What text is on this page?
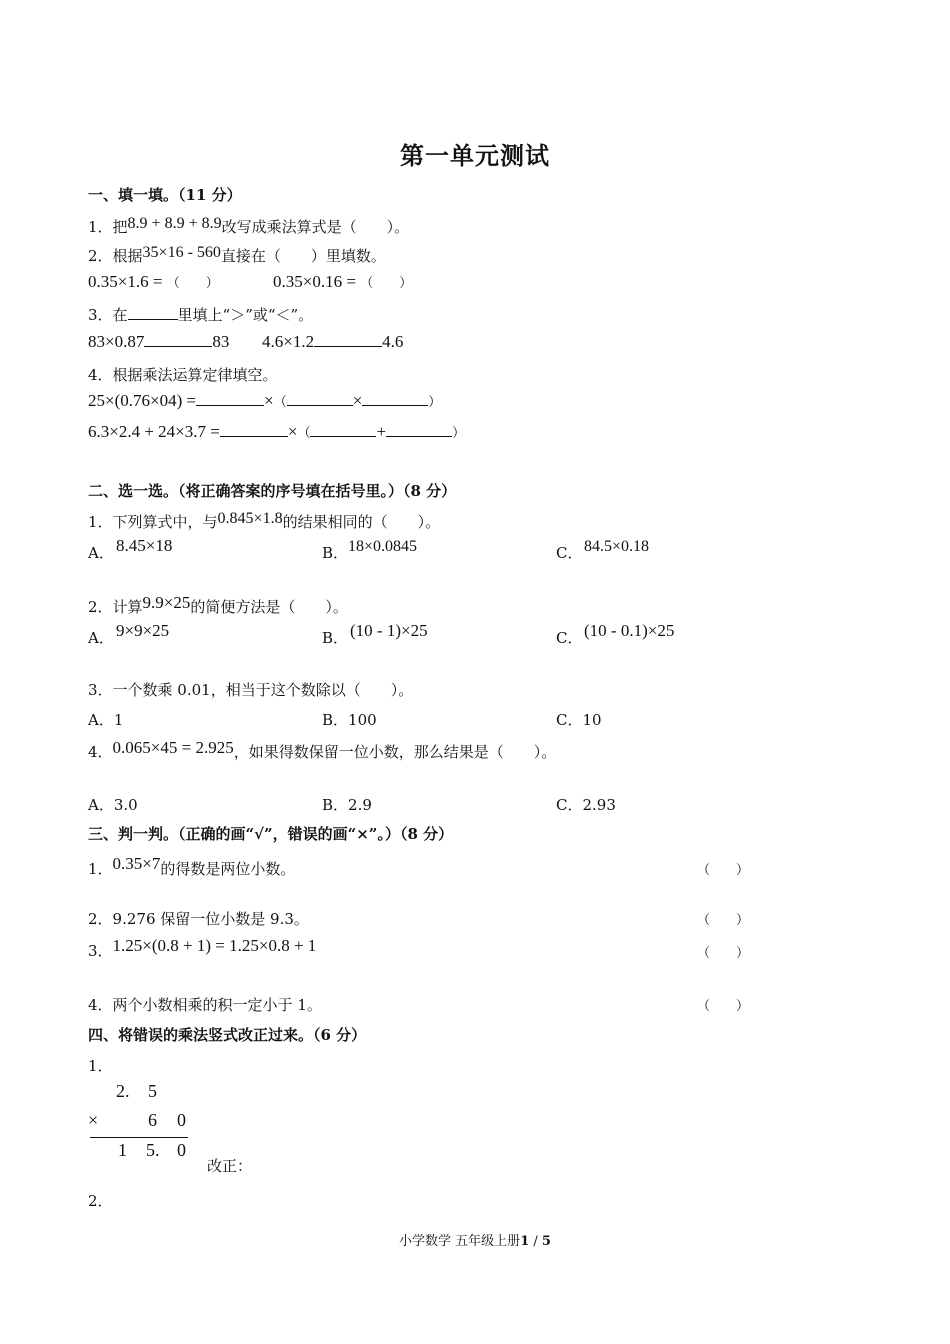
第一单元测试
一、填一填。（11 分）
1．把8.9 + 8.9 + 8.9改写成乘法算式是（　　）。
2．根据35×16 - 560直接在（　　）里填数。
0.35×1.6 = （　　）	0.35×0.16 = （　　）
3．在	里填上“＞”或“＜”。
83×0.87	83 4.6×1.2	4.6
4．根据乘法运算定律填空。
25×(0.76×04) =	×（	×	）
6.3×2.4 + 24×3.7 =	×（	+	）
二、选一选。（将正确答案的序号填在括号里。）（8 分）
1．下列算式中，与0.845×1.8的结果相同的（　　）。
A． 8.45×18	B． 18×0.0845	C． 84.5×0.18
2．计算9.9×25的简便方法是（　　）。
A． 9×9×25	B． (10 - 1)×25	C． (10 - 0.1)×25
3．一个数乘 0.01，相当于这个数除以（　　）。
A．1	B．100	C．10
4．0.065×45 = 2.925，如果得数保留一位小数，那么结果是（　　）。
A．3.0	B．2.9	C．2.93
三、判一判。（正确的画“√”，错误的画“×”。）（8 分）
1．0.35×7的得数是两位小数。	（　　）
2．9.276 保留一位小数是 9.3。	（　　）
3．1.25×(0.8 + 1) = 1.25×0.8 + 1	（　　）
4．两个小数相乘的积一定小于 1。	（　　）
四、将错误的乘法竖式改正过来。（6 分）
1．
2. 5
×	6 0
1 5. 0
改正：
2．
小学数学 五年级上册1 / 5
